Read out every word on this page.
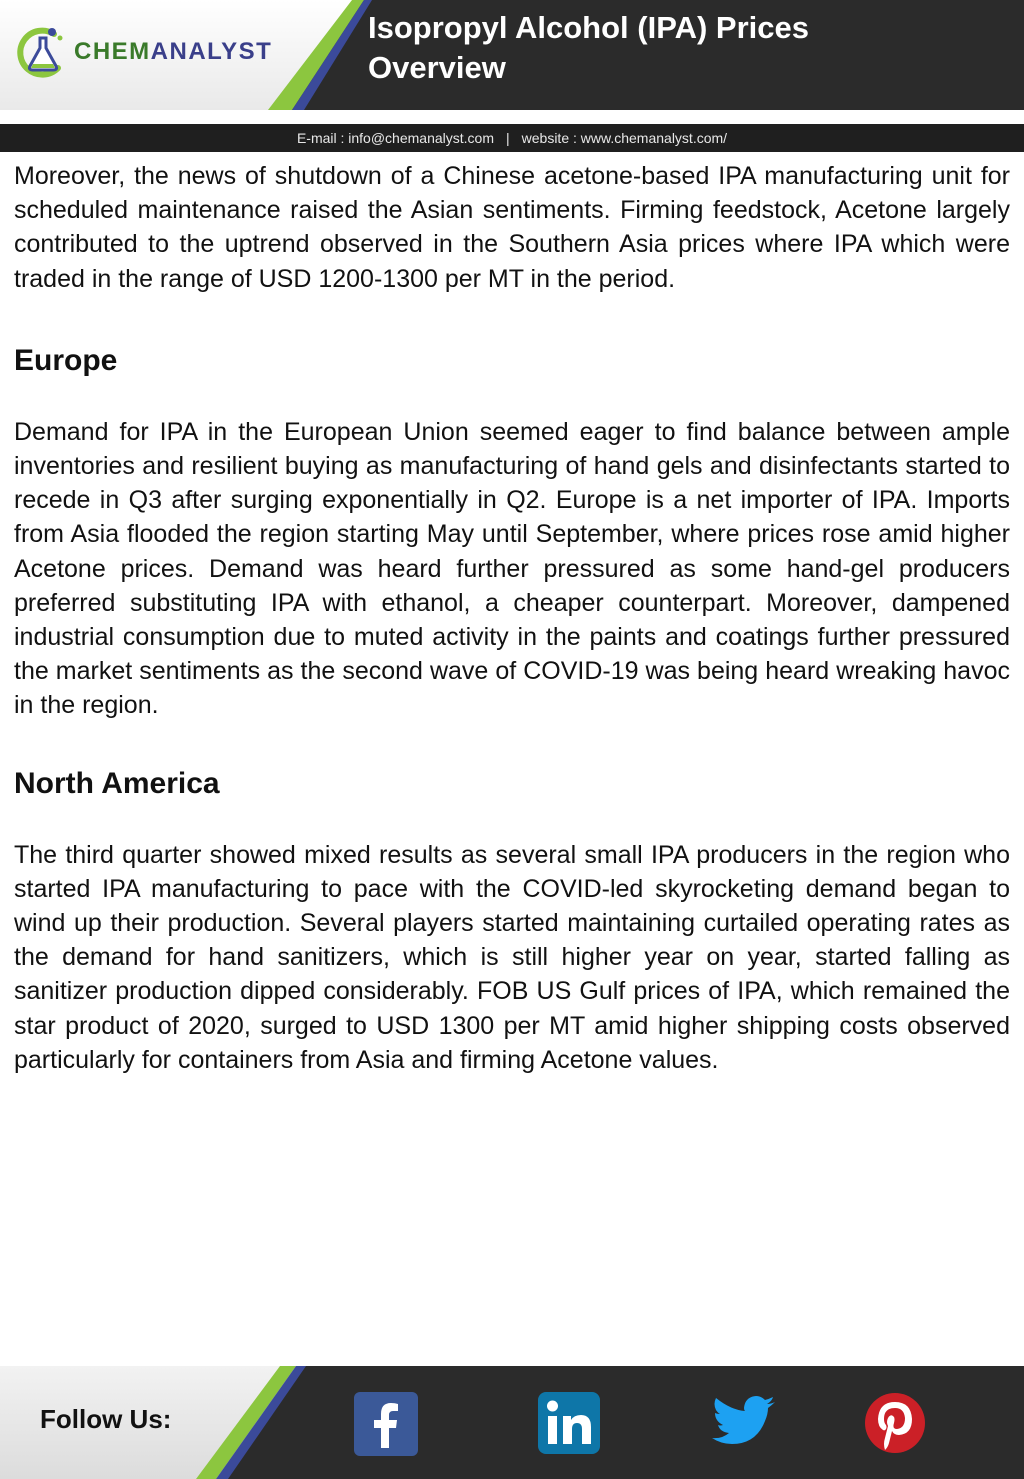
CHEMANALYST
Isopropyl Alcohol (IPA) Prices Overview
E-mail : info@chemanalyst.com | website : www.chemanalyst.com/

Moreover, the news of shutdown of a Chinese acetone-based IPA manufacturing unit for scheduled maintenance raised the Asian sentiments. Firming feedstock, Acetone largely contributed to the uptrend observed in the Southern Asia prices where IPA which were traded in the range of USD 1200-1300 per MT in the period.

Europe

Demand for IPA in the European Union seemed eager to find balance between ample inventories and resilient buying as manufacturing of hand gels and disinfectants started to recede in Q3 after surging exponentially in Q2. Europe is a net importer of IPA. Imports from Asia flooded the region starting May until September, where prices rose amid higher Acetone prices. Demand was heard further pressured as some hand-gel producers preferred substituting IPA with ethanol, a cheaper counterpart. Moreover, dampened industrial consumption due to muted activity in the paints and coatings further pressured the market sentiments as the second wave of COVID-19 was being heard wreaking havoc in the region.

North America

The third quarter showed mixed results as several small IPA producers in the region who started IPA manufacturing to pace with the COVID-led skyrocketing demand began to wind up their production. Several players started maintaining curtailed operating rates as the demand for hand sanitizers, which is still higher year on year, started falling as sanitizer production dipped considerably. FOB US Gulf prices of IPA, which remained the star product of 2020, surged to USD 1300 per MT amid higher shipping costs observed particularly for containers from Asia and firming Acetone values.

Follow Us:
